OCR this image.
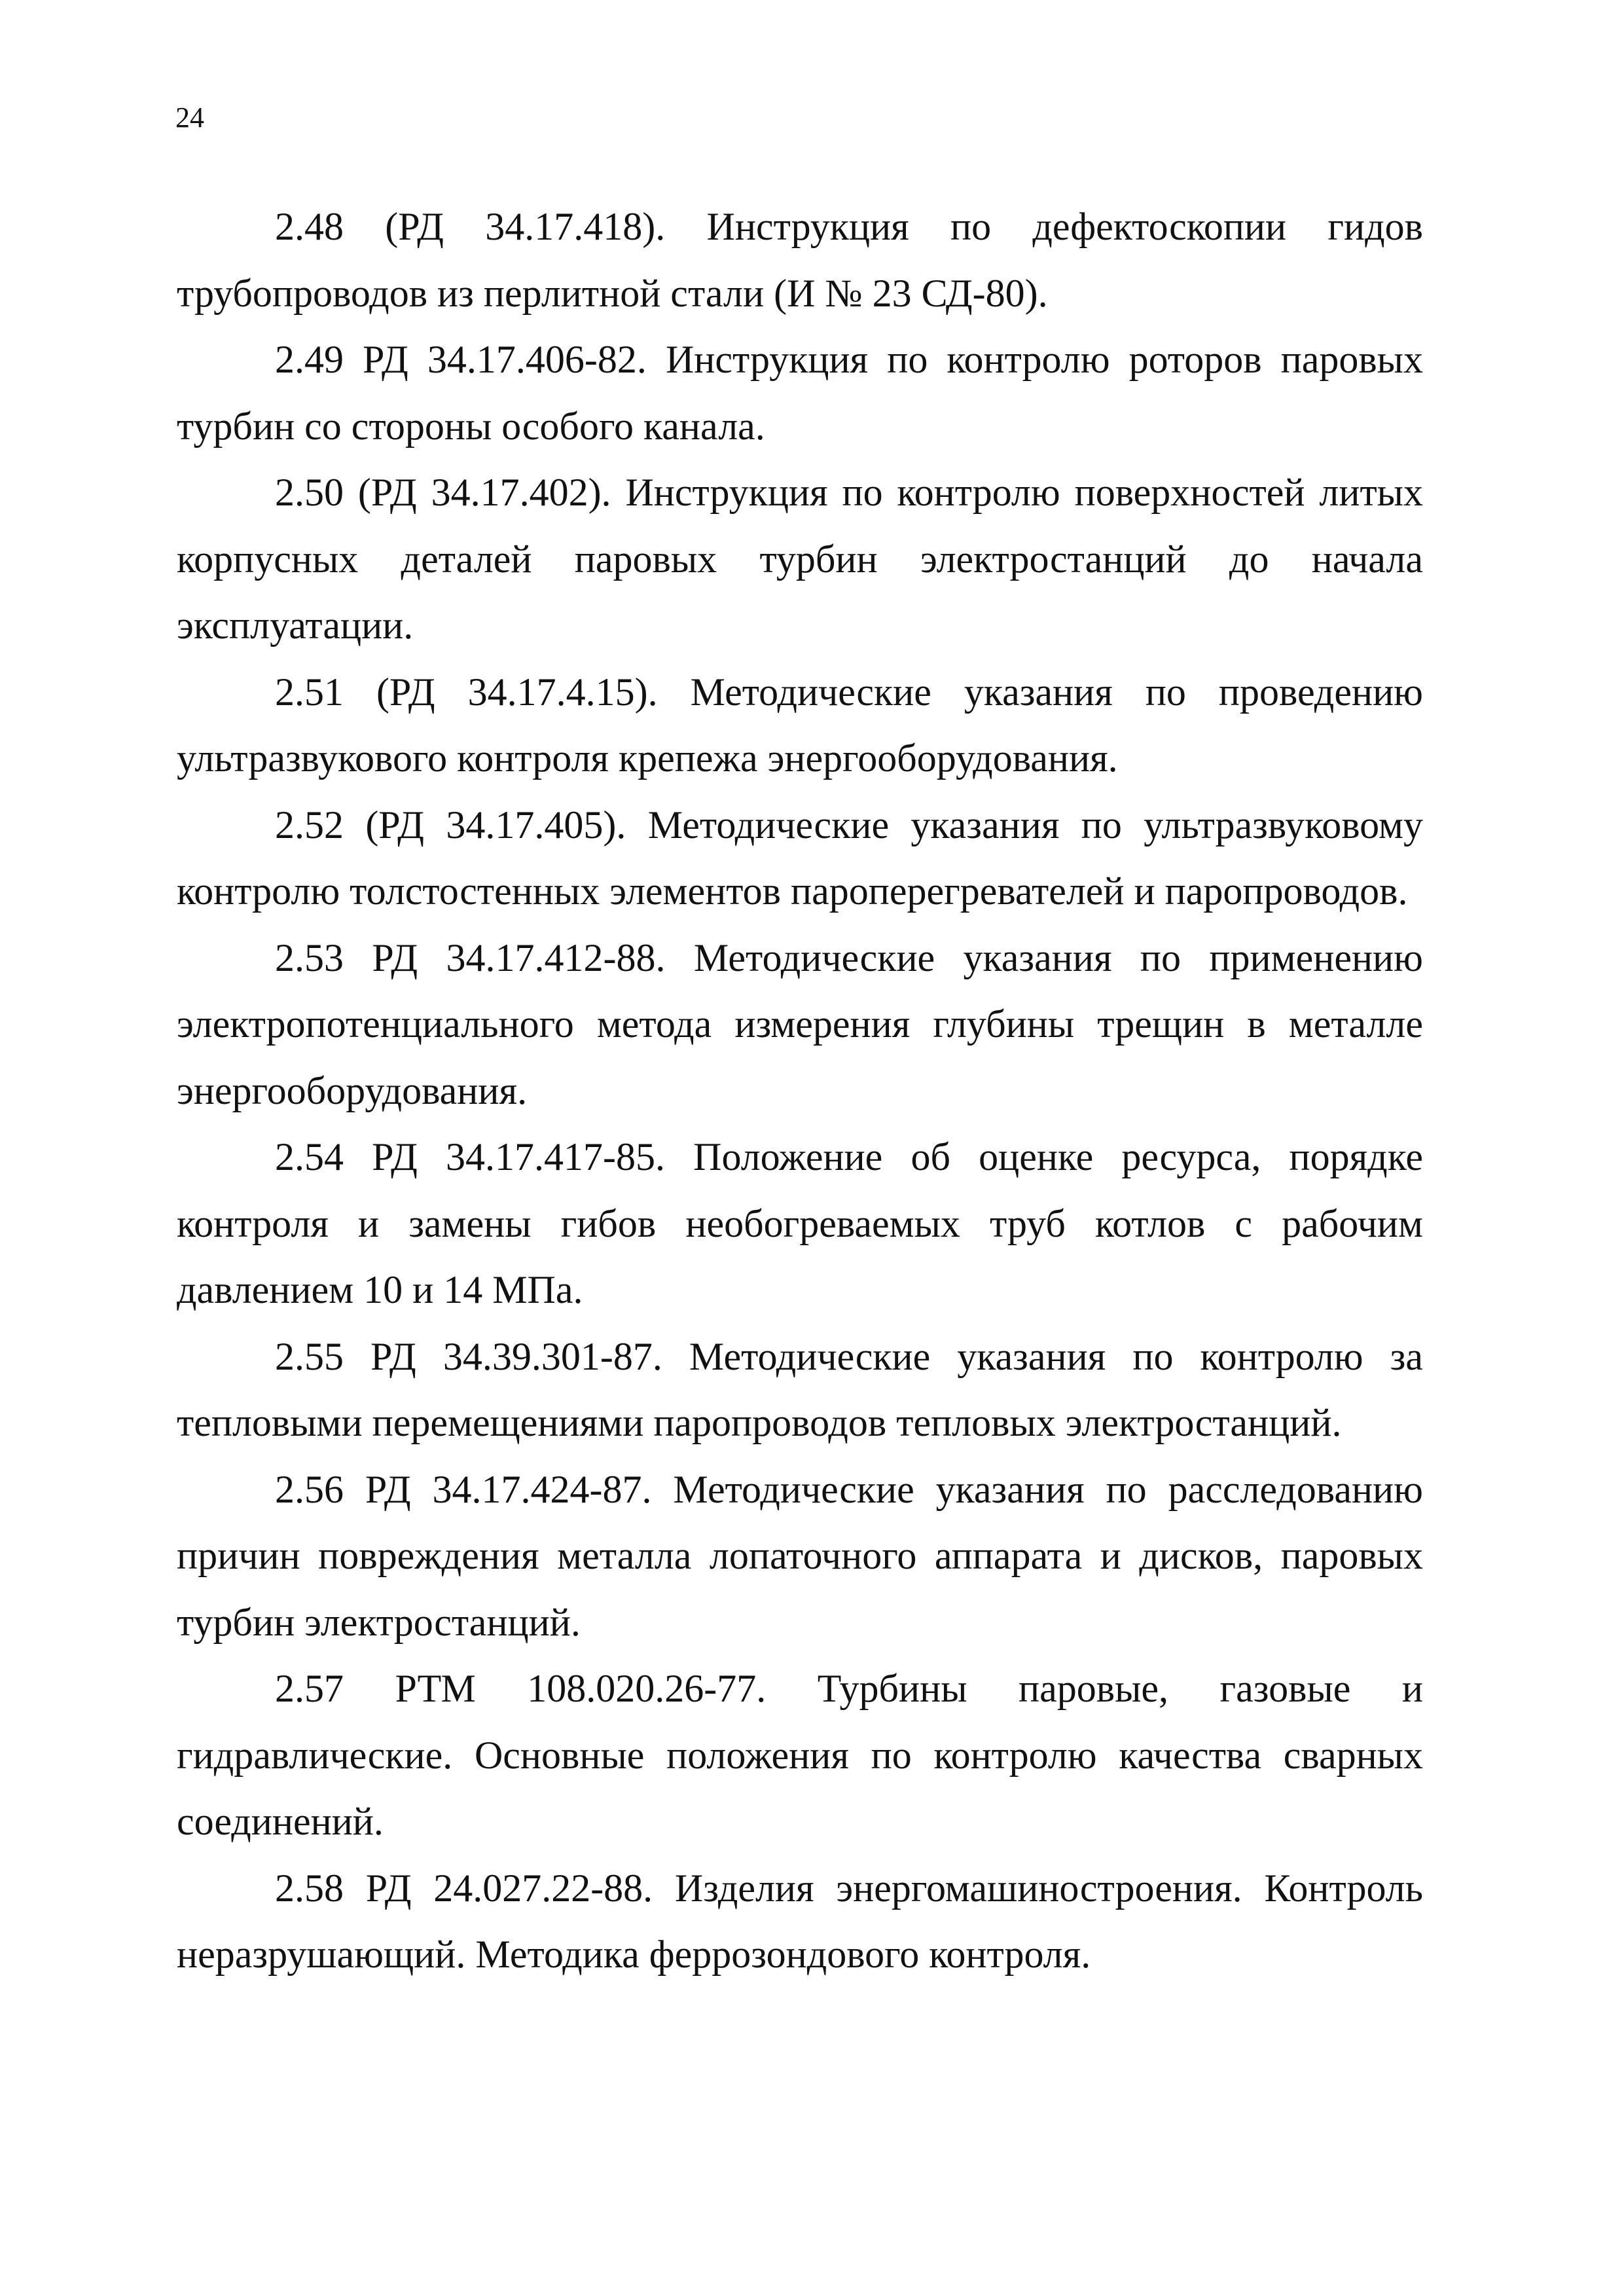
24

2.48 (РД 34.17.418). Инструкция по дефектоскопии гидов трубопроводов из перлитной стали (И № 23 СД-80).

2.49 РД 34.17.406-82. Инструкция по контролю роторов паровых турбин со стороны особого канала.

2.50 (РД 34.17.402). Инструкция по контролю поверхностей литых корпусных деталей паровых турбин электростанций до начала эксплуатации.

2.51 (РД 34.17.4.15). Методические указания по проведению ультразвукового контроля крепежа энергооборудования.

2.52 (РД 34.17.405). Методические указания по ультразвуковому контролю толстостенных элементов пароперегревателей и паропроводов.

2.53 РД 34.17.412-88. Методические указания по применению электропотенциального метода измерения глубины трещин в металле энергооборудования.

2.54 РД 34.17.417-85. Положение об оценке ресурса, порядке контроля и замены гибов необогреваемых труб котлов с рабочим давлением 10 и 14 МПа.

2.55 РД 34.39.301-87. Методические указания по контролю за тепловыми перемещениями паропроводов тепловых электростанций.

2.56 РД 34.17.424-87. Методические указания по расследованию причин повреждения металла лопаточного аппарата и дисков, паровых турбин электростанций.

2.57 РТМ 108.020.26-77. Турбины паровые, газовые и гидравлические. Основные положения по контролю качества сварных соединений.

2.58 РД 24.027.22-88. Изделия энергомашиностроения. Контроль неразрушающий. Методика феррозондового контроля.
